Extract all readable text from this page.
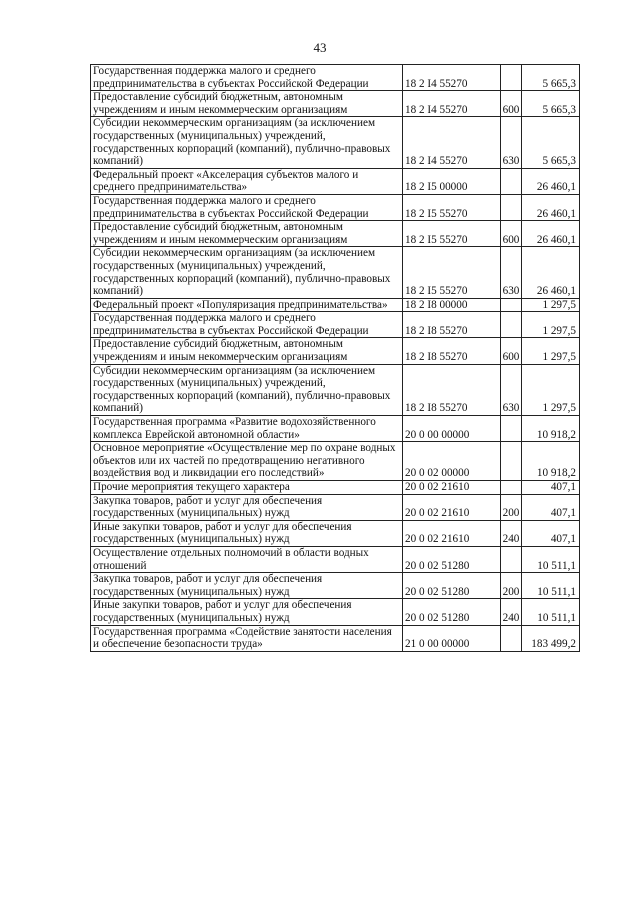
43
Государственная поддержка малого и среднего предпринимательства в субъектах Российской Федерации	18 2 I4 55270		5 665,3
Предоставление субсидий бюджетным, автономным учреждениям и иным некоммерческим организациям	18 2 I4 55270	600	5 665,3
Субсидии некоммерческим организациям (за исключением государственных (муниципальных) учреждений, государственных корпораций (компаний), публично-правовых компаний)	18 2 I4 55270	630	5 665,3
Федеральный проект «Акселерация субъектов малого и среднего предпринимательства»	18 2 I5 00000		26 460,1
Государственная поддержка малого и среднего предпринимательства в субъектах Российской Федерации	18 2 I5 55270		26 460,1
Предоставление субсидий бюджетным, автономным учреждениям и иным некоммерческим организациям	18 2 I5 55270	600	26 460,1
Субсидии некоммерческим организациям (за исключением государственных (муниципальных) учреждений, государственных корпораций (компаний), публично-правовых компаний)	18 2 I5 55270	630	26 460,1
Федеральный проект «Популяризация предпринимательства»	18 2 I8 00000		1 297,5
Государственная поддержка малого и среднего предпринимательства в субъектах Российской Федерации	18 2 I8 55270		1 297,5
Предоставление субсидий бюджетным, автономным учреждениям и иным некоммерческим организациям	18 2 I8 55270	600	1 297,5
Субсидии некоммерческим организациям (за исключением государственных (муниципальных) учреждений, государственных корпораций (компаний), публично-правовых компаний)	18 2 I8 55270	630	1 297,5
Государственная программа «Развитие водохозяйственного комплекса Еврейской автономной области»	20 0 00 00000		10 918,2
Основное мероприятие «Осуществление мер по охране водных объектов или их частей по предотвращению негативного воздействия вод и ликвидации его последствий»	20 0 02 00000		10 918,2
Прочие мероприятия текущего характера	20 0 02 21610		407,1
Закупка товаров, работ и услуг для обеспечения государственных (муниципальных) нужд	20 0 02 21610	200	407,1
Иные закупки товаров, работ и услуг для обеспечения государственных (муниципальных) нужд	20 0 02 21610	240	407,1
Осуществление отдельных полномочий в области водных отношений	20 0 02 51280		10 511,1
Закупка товаров, работ и услуг для обеспечения государственных (муниципальных) нужд	20 0 02 51280	200	10 511,1
Иные закупки товаров, работ и услуг для обеспечения государственных (муниципальных) нужд	20 0 02 51280	240	10 511,1
Государственная программа «Содействие занятости населения и обеспечение безопасности труда»	21 0 00 00000		183 499,2
